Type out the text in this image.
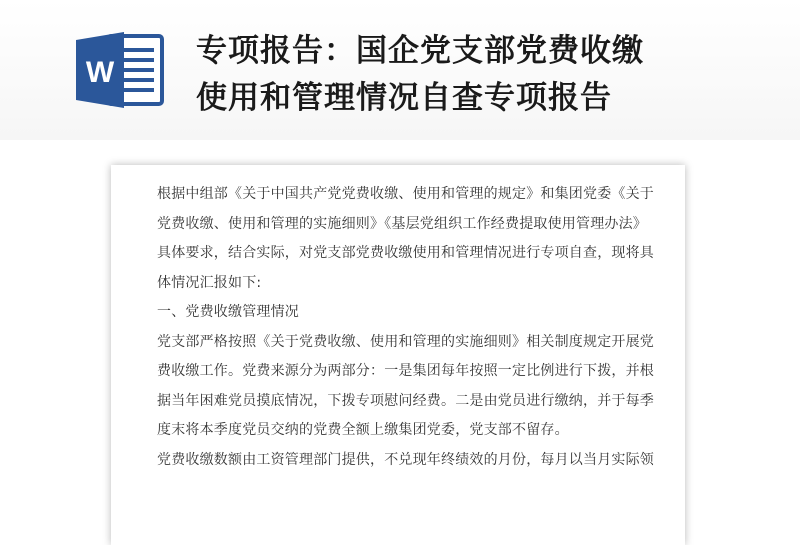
W
专项报告：国企党支部党费收缴
使用和管理情况自查专项报告
根据中组部《关于中国共产党党费收缴、使用和管理的规定》和集团党委《关于
党费收缴、使用和管理的实施细则》《基层党组织工作经费提取使用管理办法》
具体要求，结合实际，对党支部党费收缴使用和管理情况进行专项自查，现将具
体情况汇报如下:
一、党费收缴管理情况
党支部严格按照《关于党费收缴、使用和管理的实施细则》相关制度规定开展党
费收缴工作。党费来源分为两部分：一是集团每年按照一定比例进行下拨，并根
据当年困难党员摸底情况，下拨专项慰问经费。二是由党员进行缴纳，并于每季
度末将本季度党员交纳的党费全额上缴集团党委，党支部不留存。
党费收缴数额由工资管理部门提供，不兑现年终绩效的月份，每月以当月实际领
